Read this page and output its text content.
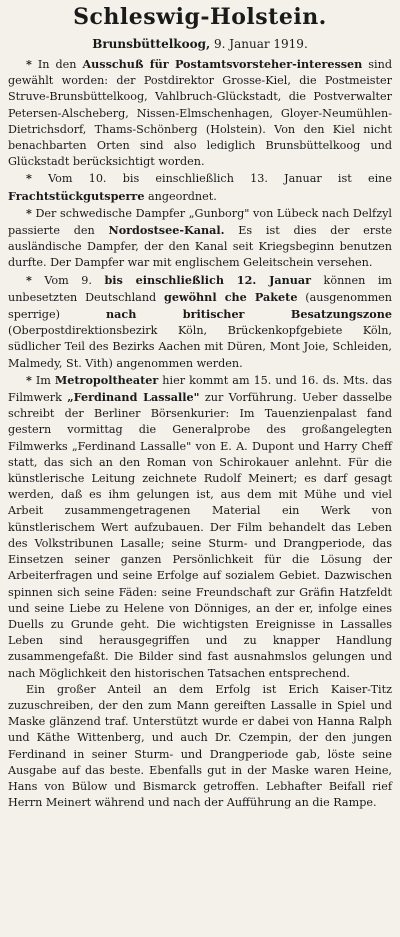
Schleswig-Holstein.
Brunsbüttelkoog, 9. Januar 1919.

* In den Ausschuß für Postamtsvorsteher-interessen sind gewählt worden: der Postdirektor Grosse-Kiel, die Postmeister Struve-Brunsbüttelkoog, Vahlbruch-Glückstadt, die Postverwalter Petersen-Alscheberg, Nissen-Elmschenhagen, Gloyer-Neumühlen-Dietrichsdorf, Thams-Schönberg (Holstein). Von den Kiel nicht benachbarten Orten sind also lediglich Brunsbüttelkoog und Glückstadt berücksichtigt worden.

* Vom 10. bis einschließlich 13. Januar ist eine Frachtstückgutsperre angeordnet.

* Der schwedische Dampfer „Gunborg" von Lübeck nach Delfzyl passierte den Nordostsee-Kanal. Es ist dies der erste ausländische Dampfer, der den Kanal seit Kriegsbeginn benutzen durfte. Der Dampfer war mit englischem Geleitschein versehen.

* Vom 9. bis einschließlich 12. Januar können im unbesetzten Deutschland gewöhnl che Pakete (ausgenommen sperrige) nach britischer Besatzungszone (Oberpostdirektionsbezirk Köln, Brückenkopfgebiete Köln, südlicher Teil des Bezirks Aachen mit Düren, Mont Joie, Schleiden, Malmedy, St. Vith) angenommen werden.

* Im Metropoltheater hier kommt am 15. und 16. ds. Mts. das Filmwerk „Ferdinand Lassalle" zur Vorführung. Ueber dasselbe schreibt der Berliner Börsenkurier: Im Tauenzienpalast fand gestern vormittag die Generalprobe des großangelegten Filmwerks „Ferdinand Lassalle" von E. A. Dupont und Harry Cheff statt, das sich an den Roman von Schirokauer anlehnt. Für die künstlerische Leitung zeichnete Rudolf Meinert; es darf gesagt werden, daß es ihm gelungen ist, aus dem mit Mühe und viel Arbeit zusammengetragenen Material ein Werk von künstlerischem Wert aufzubauen. Der Film behandelt das Leben des Volkstribunen Lasalle; seine Sturm- und Drangperiode, das Einsetzen seiner ganzen Persönlichkeit für die Lösung der Arbeiterfragen und seine Erfolge auf sozialem Gebiet. Dazwischen spinnen sich seine Fäden: seine Freundschaft zur Gräfin Hatzfeldt und seine Liebe zu Helene von Dönniges, an der er, infolge eines Duells zu Grunde geht. Die wichtigsten Ereignisse in Lassalles Leben sind herausgegriffen und zu knapper Handlung zusammengefaßt. Die Bilder sind fast ausnahmslos gelungen und nach Möglichkeit den historischen Tatsachen entsprechend.

Ein großer Anteil an dem Erfolg ist Erich Kaiser-Titz zuzuschreiben, der den zum Mann gereiften Lassalle in Spiel und Maske glänzend traf. Unterstützt wurde er dabei von Hanna Ralph und Käthe Wittenberg, und auch Dr. Czempin, der den jungen Ferdinand in seiner Sturm- und Drangperiode gab, löste seine Ausgabe auf das beste. Ebenfalls gut in der Maske waren Heine, Hans von Bülow und Bismarck getroffen. Lebhafter Beifall rief Herrn Meinert während und nach der Aufführung an die Rampe.
